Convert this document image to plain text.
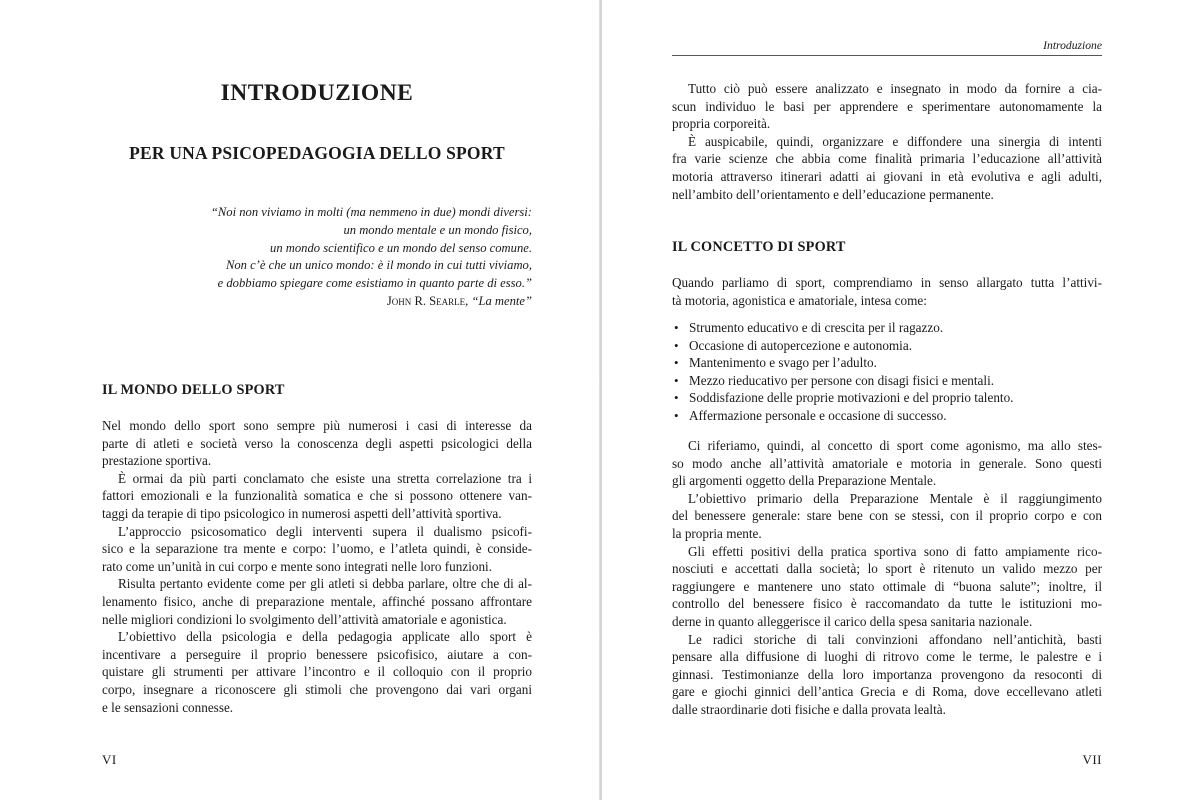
INTRODUZIONE
PER UNA PSICOPEDAGOGIA DELLO SPORT
“Noi non viviamo in molti (ma nemmeno in due) mondi diversi:
un mondo mentale e un mondo fisico,
un mondo scientifico e un mondo del senso comune.
Non c’è che un unico mondo: è il mondo in cui tutti viviamo,
e dobbiamo spiegare come esistiamo in quanto parte di esso.”
John R. Searle, “La mente”
IL MONDO DELLO SPORT

Nel mondo dello sport sono sempre più numerosi i casi di interesse da
parte di atleti e società verso la conoscenza degli aspetti psicologici della
prestazione sportiva.

È ormai da più parti conclamato che esiste una stretta correlazione tra i
fattori emozionali e la funzionalità somatica e che si possono ottenere van-
taggi da terapie di tipo psicologico in numerosi aspetti dell’attività sportiva.

L’approccio psicosomatico degli interventi supera il dualismo psicofi-
sico e la separazione tra mente e corpo: l’uomo, e l’atleta quindi, è conside-
rato come un’unità in cui corpo e mente sono integrati nelle loro funzioni.

Risulta pertanto evidente come per gli atleti si debba parlare, oltre che di al-
lenamento fisico, anche di preparazione mentale, affinché possano affrontare
nelle migliori condizioni lo svolgimento dell’attività amatoriale e agonistica.

L’obiettivo della psicologia e della pedagogia applicate allo sport è
incentivare a perseguire il proprio benessere psicofisico, aiutare a con-
quistare gli strumenti per attivare l’incontro e il colloquio con il proprio
corpo, insegnare a riconoscere gli stimoli che provengono dai vari organi
e le sensazioni connesse.

VI
Introduzione

Tutto ciò può essere analizzato e insegnato in modo da fornire a cia-
scun individuo le basi per apprendere e sperimentare autonomamente la
propria corporeità.

È auspicabile, quindi, organizzare e diffondere una sinergia di intenti
fra varie scienze che abbia come finalità primaria l’educazione all’attività
motoria attraverso itinerari adatti ai giovani in età evolutiva e agli adulti,
nell’ambito dell’orientamento e dell’educazione permanente.

IL CONCETTO DI SPORT

Quando parliamo di sport, comprendiamo in senso allargato tutta l’attivi-
tà motoria, agonistica e amatoriale, intesa come:

• Strumento educativo e di crescita per il ragazzo.
• Occasione di autopercezione e autonomia.
• Mantenimento e svago per l’adulto.
• Mezzo rieducativo per persone con disagi fisici e mentali.
• Soddisfazione delle proprie motivazioni e del proprio talento.
• Affermazione personale e occasione di successo.

Ci riferiamo, quindi, al concetto di sport come agonismo, ma allo stes-
so modo anche all’attività amatoriale e motoria in generale. Sono questi
gli argomenti oggetto della Preparazione Mentale.

L’obiettivo primario della Preparazione Mentale è il raggiungimento
del benessere generale: stare bene con se stessi, con il proprio corpo e con
la propria mente.

Gli effetti positivi della pratica sportiva sono di fatto ampiamente rico-
nosciuti e accettati dalla società; lo sport è ritenuto un valido mezzo per
raggiungere e mantenere uno stato ottimale di “buona salute”; inoltre, il
controllo del benessere fisico è raccomandato da tutte le istituzioni mo-
derne in quanto alleggerisce il carico della spesa sanitaria nazionale.

Le radici storiche di tali convinzioni affondano nell’antichità, basti
pensare alla diffusione di luoghi di ritrovo come le terme, le palestre e i
ginnasi. Testimonianze della loro importanza provengono da resoconti di
gare e giochi ginnici dell’antica Grecia e di Roma, dove eccellevano atleti
dalle straordinarie doti fisiche e dalla provata lealtà.

VII
